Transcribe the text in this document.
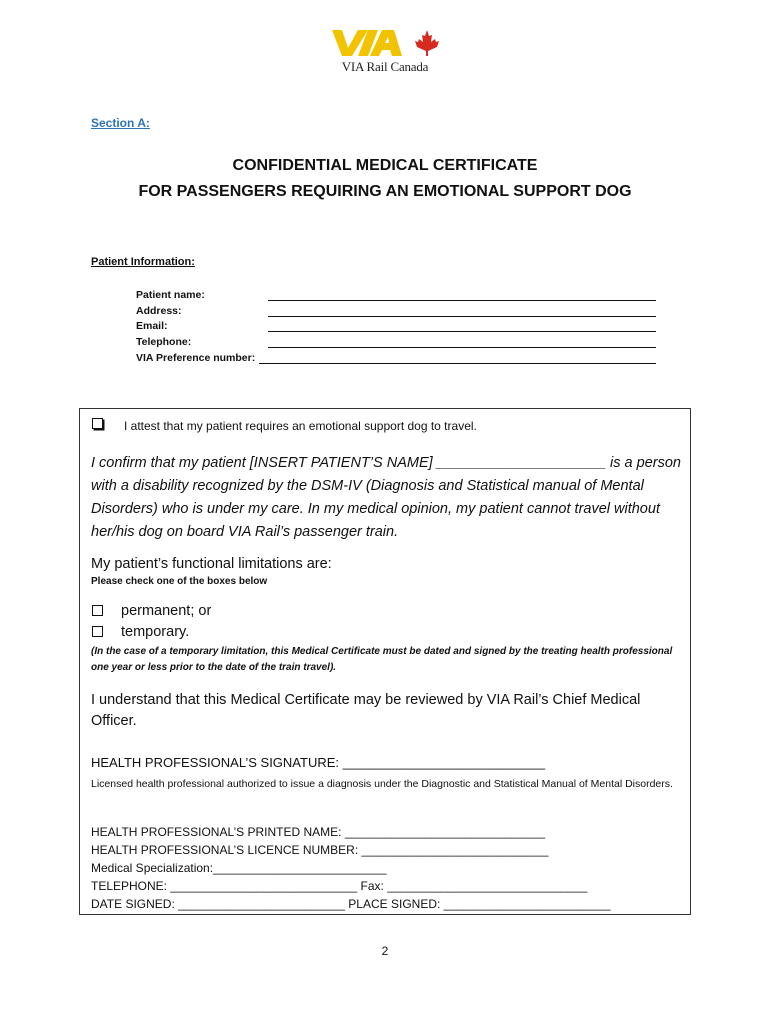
VIA Rail Canada
Section A:
CONFIDENTIAL MEDICAL CERTIFICATE
FOR PASSENGERS REQUIRING AN EMOTIONAL SUPPORT DOG
Patient Information:
Patient name:
Address:
Email:
Telephone:
VIA Preference number:
I attest that my patient requires an emotional support dog to travel.
I confirm that my patient [INSERT PATIENT’S NAME] _____________________ is a person with a disability recognized by the DSM-IV (Diagnosis and Statistical manual of Mental Disorders) who is under my care. In my medical opinion, my patient cannot travel without her/his dog on board VIA Rail’s passenger train.
My patient’s functional limitations are:
Please check one of the boxes below
permanent; or
temporary.
(In the case of a temporary limitation, this Medical Certificate must be dated and signed by the treating health professional one year or less prior to the date of the train travel).
I understand that this Medical Certificate may be reviewed by VIA Rail’s Chief Medical Officer.
HEALTH PROFESSIONAL’S SIGNATURE: ____________________________
Licensed health professional authorized to issue a diagnosis under the Diagnostic and Statistical Manual of Mental Disorders.
HEALTH PROFESSIONAL’S PRINTED NAME: ______________________________
HEALTH PROFESSIONAL’S LICENCE NUMBER: ____________________________
Medical Specialization:__________________________
TELEPHONE: ____________________________ Fax: ______________________________
DATE SIGNED: _________________________ PLACE SIGNED: _________________________
2
